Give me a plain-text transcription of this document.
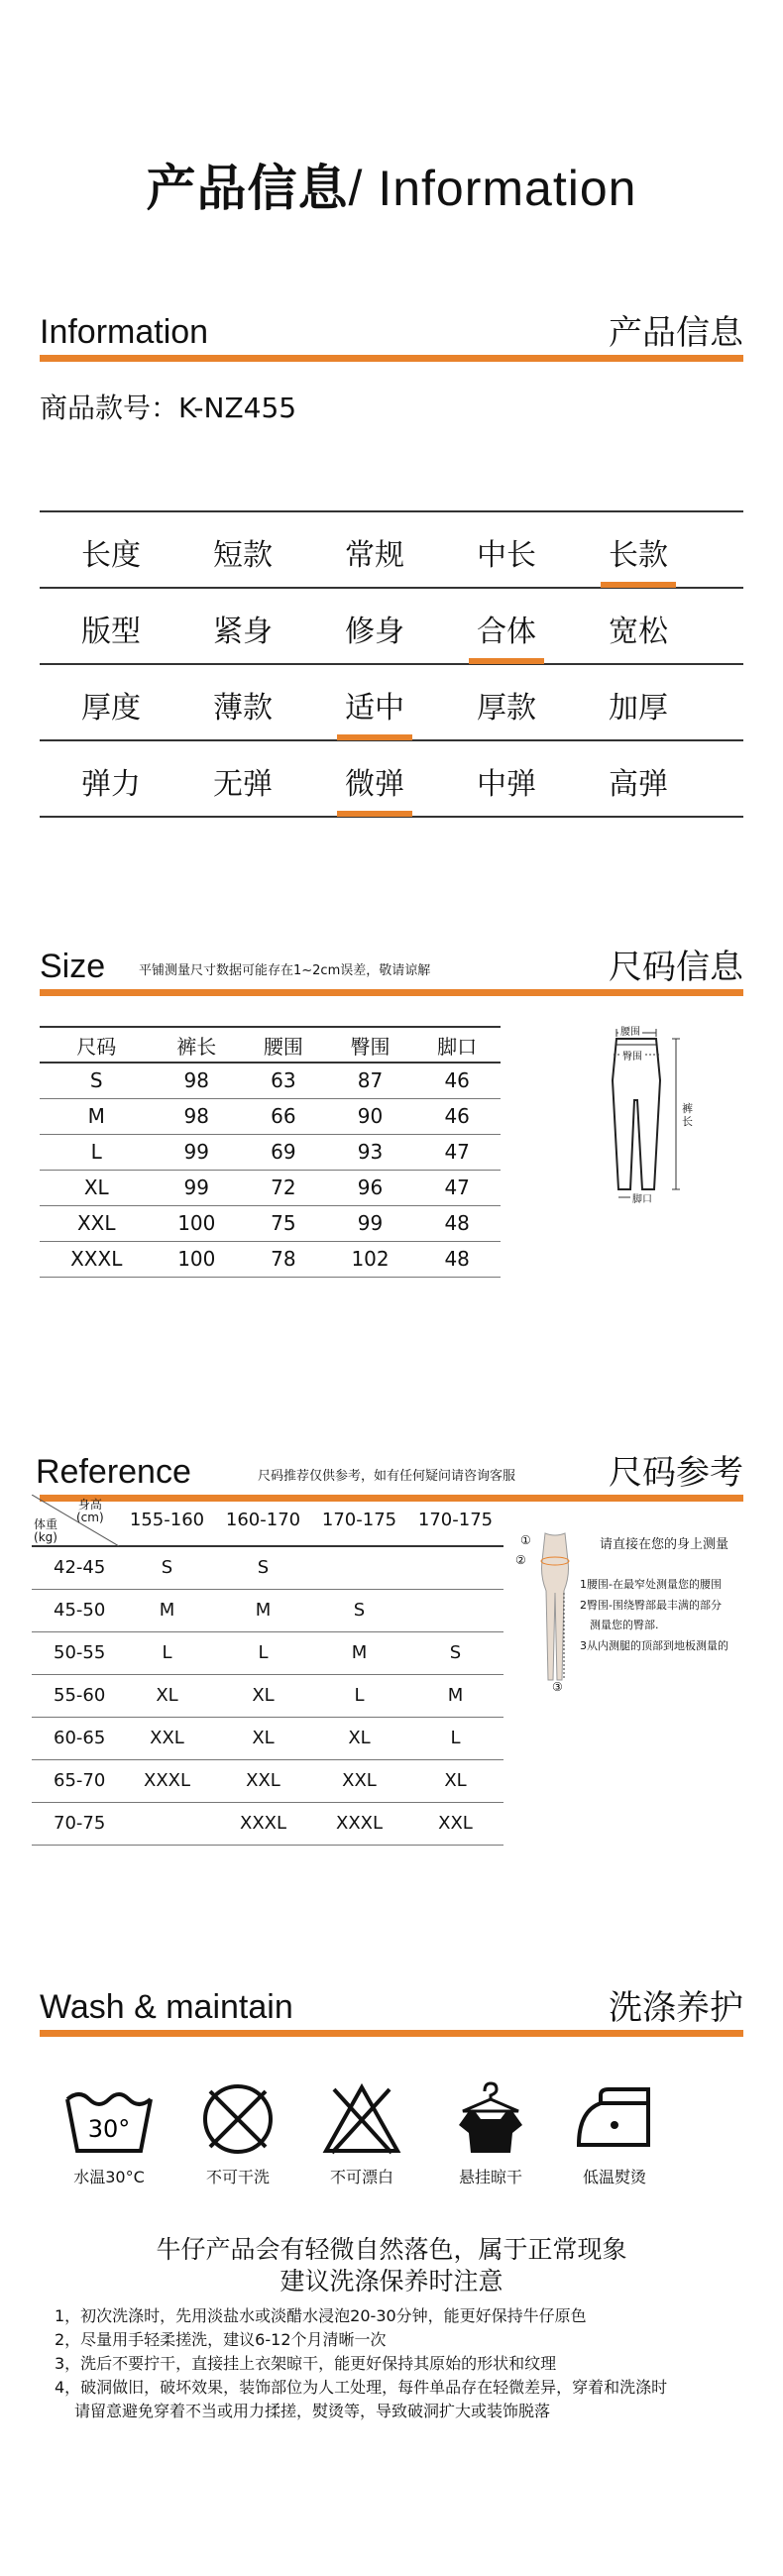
产品信息/ Information
Information	产品信息
商品款号：K-NZ455
长度	短款	常规	中长	长款
版型	紧身	修身	合体	宽松
厚度	薄款	适中	厚款	加厚
弹力	无弹	微弹	中弹	高弹
Size	平铺测量尺寸数据可能存在1~2cm误差，敬请谅解	尺码信息
尺码	裤长	腰围	臀围	脚口
S	98	63	87	46
M	98	66	90	46
L	99	69	93	47
XL	99	72	96	47
XXL	100	75	99	48
XXXL	100	78	102	48
腰围
臀围
裤长
脚口
Reference	尺码推荐仅供参考，如有任何疑问请咨询客服	尺码参考
身高
(cm)
体重
(kg)	155-160	160-170	170-175	170-175
42-45	S	S		
45-50	M	M	S	
50-55	L	L	M	S
55-60	XL	XL	L	M
60-65	XXL	XL	XL	L
65-70	XXXL	XXL	XXL	XL
70-75		XXXL	XXXL	XXL
①
②
③
请直接在您的身上测量
1腰围-在最窄处测量您的腰围
2臀围-围绕臀部最丰满的部分
测量您的臀部.
3从内测腿的顶部到地板测量的
Wash & maintain	洗涤养护
30°
水温30°C	不可干洗	不可漂白	悬挂晾干	低温熨烫
牛仔产品会有轻微自然落色，属于正常现象
建议洗涤保养时注意
1，初次洗涤时，先用淡盐水或淡醋水浸泡20-30分钟，能更好保持牛仔原色
2，尽量用手轻柔搓洗，建议6-12个月清晰一次
3，洗后不要拧干，直接挂上衣架晾干，能更好保持其原始的形状和纹理
4，破洞做旧，破坏效果，装饰部位为人工处理，每件单品存在轻微差异，穿着和洗涤时
请留意避免穿着不当或用力揉搓，熨烫等，导致破洞扩大或装饰脱落
